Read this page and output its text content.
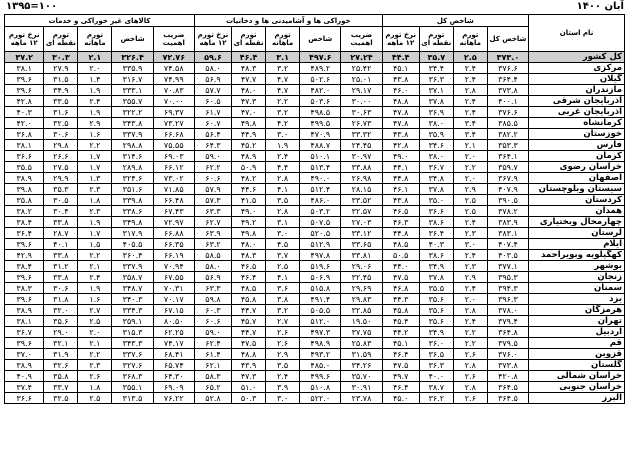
۱۳۹۵=۱۰۰	آبان ۱۴۰۰
نام استان	شاخص کل				خوراکی ها و آشامیدنی ها و دخانیات					کالاهای غیر خوراکی و خدمات				
	شاخص کل	تورم ماهانه	تورم نقطه ای	نرخ تورم ۱۲ ماهه	ضریب اهمیت	شاخص	تورم ماهانه	تورم نقطه ای	نرخ تورم ۱۲ ماهه	ضریب اهمیت	شاخص	تورم ماهانه	تورم نقطه ای	نرخ تورم ۱۲ ماهه
کل کشور	۳۷۳.۰	۲.۵	۳۵.۷	۴۴.۴	۲۷.۲۴	۴۹۷.۶	۳.۱	۴۶.۴	۵۹.۶	۷۲.۷۶	۳۲۶.۴	۲.۱	۳۰.۳	۳۷.۲
مرکزی	۳۷۶.۶	۲.۴	۳۴.۴	۴۵.۱	۲۵.۴۲	۴۸۹.۲	۳.۲	۴۸.۳	۵۸.۰	۷۴.۵۸	۳۳۵.۹	۲.۰	۲۷.۹	۳۸.۱
گیلان	۳۶۴.۴	۲.۴	۳۶.۳	۴۳.۸	۲۵.۰۱	۵۰۲.۶	۴.۷	۴۷.۷	۵۶.۹	۷۴.۹۹	۳۱۶.۷	۱.۴	۳۱.۵	۳۹.۶
مازندران	۳۷۳.۸	۲.۸	۳۷.۱	۴۶.۰	۲۹.۱۷	۴۸۲.۰	۴.۷	۴۸.۰	۵۷.۷	۷۰.۸۳	۳۳۳.۱	۱.۹	۳۴.۹	۳۹.۶
آذربایجان شرقی	۴۰۰.۱	۲.۴	۳۷.۸	۴۸.۸	۳۰.۰۰	۵۰۳.۶	۲.۲	۴۷.۳	۶۰.۵	۷۰.۰۰	۳۵۵.۷	۲.۴	۳۳.۵	۴۲.۸
آذربایجان غربی	۳۷۶.۶	۲.۴	۳۶.۹	۴۷.۸	۳۰.۶۳	۴۹۸.۵	۳.۲	۴۷.۰	۶۱.۷	۶۹.۳۷	۳۲۲.۲	۱.۹	۳۱.۶	۴۰.۳
کرمانشاه	۳۸۵.۵	۳.۴	۳۸.۰	۴۷.۸	۲۶.۷۳	۴۹۹.۵	۴.۲	۴۹.۸	۶۰.۷	۷۳.۲۷	۳۴۳.۸	۲.۹	۳۲.۵	۴۲.۰
خوزستان	۳۸۲.۲	۳.۴	۳۵.۹	۴۳.۸	۳۳.۳۲	۴۷۰.۹	۳.۰	۴۴.۹	۵۶.۴	۶۶.۶۸	۳۳۷.۹	۱.۶	۳۰.۶	۳۶.۸
فارس	۳۵۳.۳	۲.۱	۳۴.۶	۴۲.۸	۲۴.۴۵	۴۸۸.۷	۱.۹	۴۵.۲	۶۴.۳	۷۵.۵۵	۲۹۸.۸	۲.۲	۲۹.۸	۳۸.۱
کرمان	۳۶۴.۱	۲.۰	۳۸.۰	۴۹.۰	۳۰.۹۷	۵۱۰.۱	۲.۴	۴۸.۹	۵۹.۰	۶۹.۰۳	۳۱۴.۶	۱.۷	۲۶.۶	۳۶.۶
خراسان رضوی	۳۵۹.۷	۲.۲	۳۶.۷	۴۴.۱	۳۳.۸۸	۵۱۳.۴	۴.۴	۵۰.۹	۶۲.۲	۶۶.۱۲	۲۸۹.۸	۱.۷	۲۷.۵	۳۵.۵
اصفهان	۳۶۷.۹	۲.۰	۳۴.۸	۴۴.۸	۲۶.۹۸	۴۹۰.۰	۲.۸	۴۸.۲	۶۰.۶	۷۳.۰۲	۳۲۴.۶	۱.۳	۲۹.۹	۳۸.۹
سیستان وبلوچستان	۴۰۷.۹	۲.۹	۳۷.۸	۴۶.۱	۲۸.۱۵	۵۱۲.۴	۴.۱	۴۴.۶	۵۷.۹	۷۱.۸۵	۳۵۱.۶	۲.۳	۳۵.۳	۳۹.۸
کردستان	۳۹۰.۵	۲.۵	۳۵.۰	۴۳.۸	۳۳.۵۲	۴۸۶.۰	۳.۵	۴۱.۵	۵۷.۳	۶۶.۴۸	۳۳۹.۸	۱.۸	۳۰.۵	۳۵.۸
همدان	۳۷۸.۲	۲.۵	۳۶.۶	۴۶.۵	۳۲.۵۷	۵۰۳.۲	۲.۸	۴۹.۰	۶۳.۳	۶۷.۴۳	۳۳۸.۶	۲.۳	۳۰.۴	۳۸.۲
چهارمحال وبختیاری	۳۸۳.۹	۲.۴	۳۸.۶	۴۶.۳	۲۷.۰۳	۵۰۷.۵	۳.۱	۴۹.۲	۶۲.۷	۷۲.۹۷	۳۴۹.۸	۱.۹	۳۳.۸	۳۸.۴
لرستان	۳۸۳.۱	۲.۳	۳۶.۴	۴۴.۸	۳۳.۱۲	۵۲۰.۵	۳.۰	۴۹.۸	۶۳.۹	۶۶.۸۸	۳۱۷.۹	۱.۷	۲۸.۷	۳۶.۴
ایلام	۴۰۷.۴	۳.۰	۴۰.۳	۴۸.۵	۳۳.۶۵	۵۱۲.۹	۴.۵	۴۸.۰	۶۳.۲	۶۶.۳۵	۴۰۵.۵	۱.۵	۴۰.۱	۳۹.۶
کهگیلویه وبویراحمد	۴۰۳.۵	۲.۴	۳۸.۶	۵۰.۵	۳۳.۸۱	۴۹۷.۸	۳.۷	۴۸.۳	۵۸.۵	۶۶.۱۹	۳۶۰.۴	۲.۲	۳۳.۸	۴۲.۹
بوشهر	۳۷۷.۱	۲.۳	۳۴.۹	۴۴.۰	۲۹.۰۶	۵۱۹.۶	۲.۵	۴۶.۵	۵۸.۰	۷۰.۹۴	۳۳۷.۹	۲.۱	۳۱.۲	۳۸.۴
زنجان	۳۹۵.۳	۲.۹	۳۷.۸	۴۷.۵	۳۲.۴۵	۵۰۶.۹	۴.۱	۴۶.۴	۵۶.۹	۶۷.۵۵	۳۵۸.۷	۲.۴	۳۳.۸	۳۹.۶
سمنان	۳۹۴.۳	۲.۴	۳۵.۵	۴۶.۸	۲۹.۶۹	۵۱۵.۸	۳.۶	۴۸.۵	۶۳.۳	۷۰.۳۱	۳۴۸.۷	۱.۹	۳۰.۶	۳۸.۳
یزد	۳۹۶.۳	۲.۰	۳۵.۶	۴۴.۳	۲۹.۸۳	۴۹۱.۴	۳.۸	۴۵.۸	۵۹.۸	۷۰.۱۷	۳۴۰.۳	۱.۶	۳۱.۸	۳۹.۶
هرمزگان	۳۷۸.۰	۲.۸	۳۵.۶	۴۵.۸	۳۲.۸۵	۵۰۵.۵	۳.۲	۴۴.۷	۶۰.۳	۶۷.۱۵	۳۳۴.۳	۲.۷	۳۲.۰	۳۸.۹
تهران	۳۷۹.۴	۲.۴	۳۵.۶	۴۵.۴	۱۹.۵۰	۵۱۲.۰	۲.۷	۴۵.۷	۶۰.۶	۸۰.۵۰	۳۵۹.۱	۲.۵	۳۵.۶	۳۸.۱
اردبیل	۳۶۴.۸	۲.۲	۳۴.۹	۴۴.۲	۳۷.۷۵	۴۹۷.۳	۲.۶	۴۴.۷	۵۹.۰	۶۲.۲۵	۳۱۵.۳	۲.۰	۲۹.۰	۳۶.۷
قم	۳۷۹.۵	۲.۲	۳۶.۰	۴۵.۱	۲۵.۸۳	۴۹۸.۹	۲.۶	۴۷.۵	۶۲.۴	۷۴.۱۷	۳۴۳.۳	۲.۱	۳۲.۱	۳۹.۶
قزوین	۳۷۶.۰	۲.۶	۳۶.۵	۴۶.۴	۳۱.۵۹	۴۹۳.۲	۲.۹	۴۸.۸	۶۱.۴	۶۸.۴۱	۳۳۷.۶	۲.۲	۳۱.۹	۳۷.۰
گلستان	۳۷۳.۸	۲.۸	۳۶.۳	۴۷.۵	۳۴.۲۶	۴۸۵.۰	۳.۵	۴۳.۹	۶۲.۱	۶۵.۷۴	۳۲۷.۶	۲.۳	۳۲.۶	۳۸.۹
خراسان شمالی	۴۲۰.۸	۲.۶	۴۰.۰	۴۹.۷	۳۵.۷۰	۴۹۹.۶	۲.۴	۴۷.۳	۵۸.۳	۶۴.۳۰	۳۶۸.۳	۲.۶	۳۵.۸	۴۰.۹
خراسان جنوبی	۳۶۴.۵	۲.۸	۳۸.۷	۴۶.۴	۳۰.۹۱	۵۱۰.۸	۳.۹	۵۱.۰	۶۵.۲	۶۹.۰۹	۳۵۵.۱	۱.۸	۳۳.۷	۳۷.۴
البرز	۳۶۴.۵	۲.۶	۳۶.۲	۴۵.۰	۲۳.۷۸	۵۲۲.۰	۳.۰	۵۰.۳	۵۲.۸	۷۶.۲۲	۳۱۳.۵	۲.۵	۳۲.۵	۳۶.۶
